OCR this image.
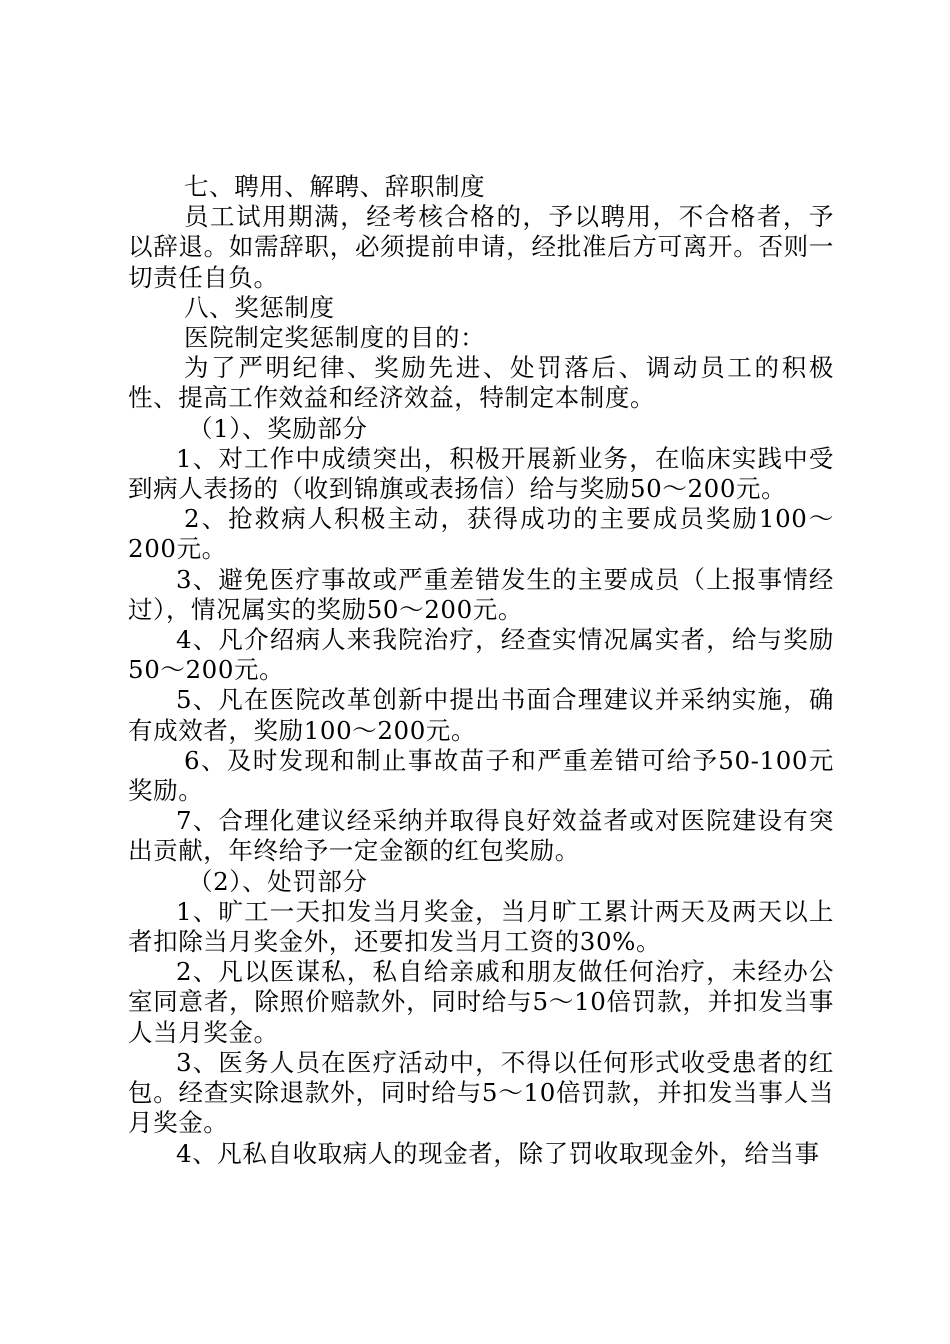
七、聘用、解聘、辞职制度

员工试用期满，经考核合格的，予以聘用，不合格者，予以辞退。如需辞职，必须提前申请，经批准后方可离开。否则一切责任自负。

八、奖惩制度

医院制定奖惩制度的目的：

为了严明纪律、奖励先进、处罚落后、调动员工的积极性、提高工作效益和经济效益，特制定本制度。

（1）、奖励部分

1、对工作中成绩突出，积极开展新业务，在临床实践中受到病人表扬的（收到锦旗或表扬信）给与奖励50～200元。

2、抢救病人积极主动，获得成功的主要成员奖励100～200元。

3、避免医疗事故或严重差错发生的主要成员（上报事情经过），情况属实的奖励50～200元。

4、凡介绍病人来我院治疗，经查实情况属实者，给与奖励50～200元。

5、凡在医院改革创新中提出书面合理建议并采纳实施，确有成效者，奖励100～200元。

6、及时发现和制止事故苗子和严重差错可给予50-100元奖励。

7、合理化建议经采纳并取得良好效益者或对医院建设有突出贡献，年终给予一定金额的红包奖励。

（2）、处罚部分

1、旷工一天扣发当月奖金，当月旷工累计两天及两天以上者扣除当月奖金外，还要扣发当月工资的30%。

2、凡以医谋私，私自给亲戚和朋友做任何治疗，未经办公室同意者，除照价赔款外，同时给与5～10倍罚款，并扣发当事人当月奖金。

3、医务人员在医疗活动中，不得以任何形式收受患者的红包。经查实除退款外，同时给与5～10倍罚款，并扣发当事人当月奖金。

4、凡私自收取病人的现金者，除了罚收取现金外，给当事
